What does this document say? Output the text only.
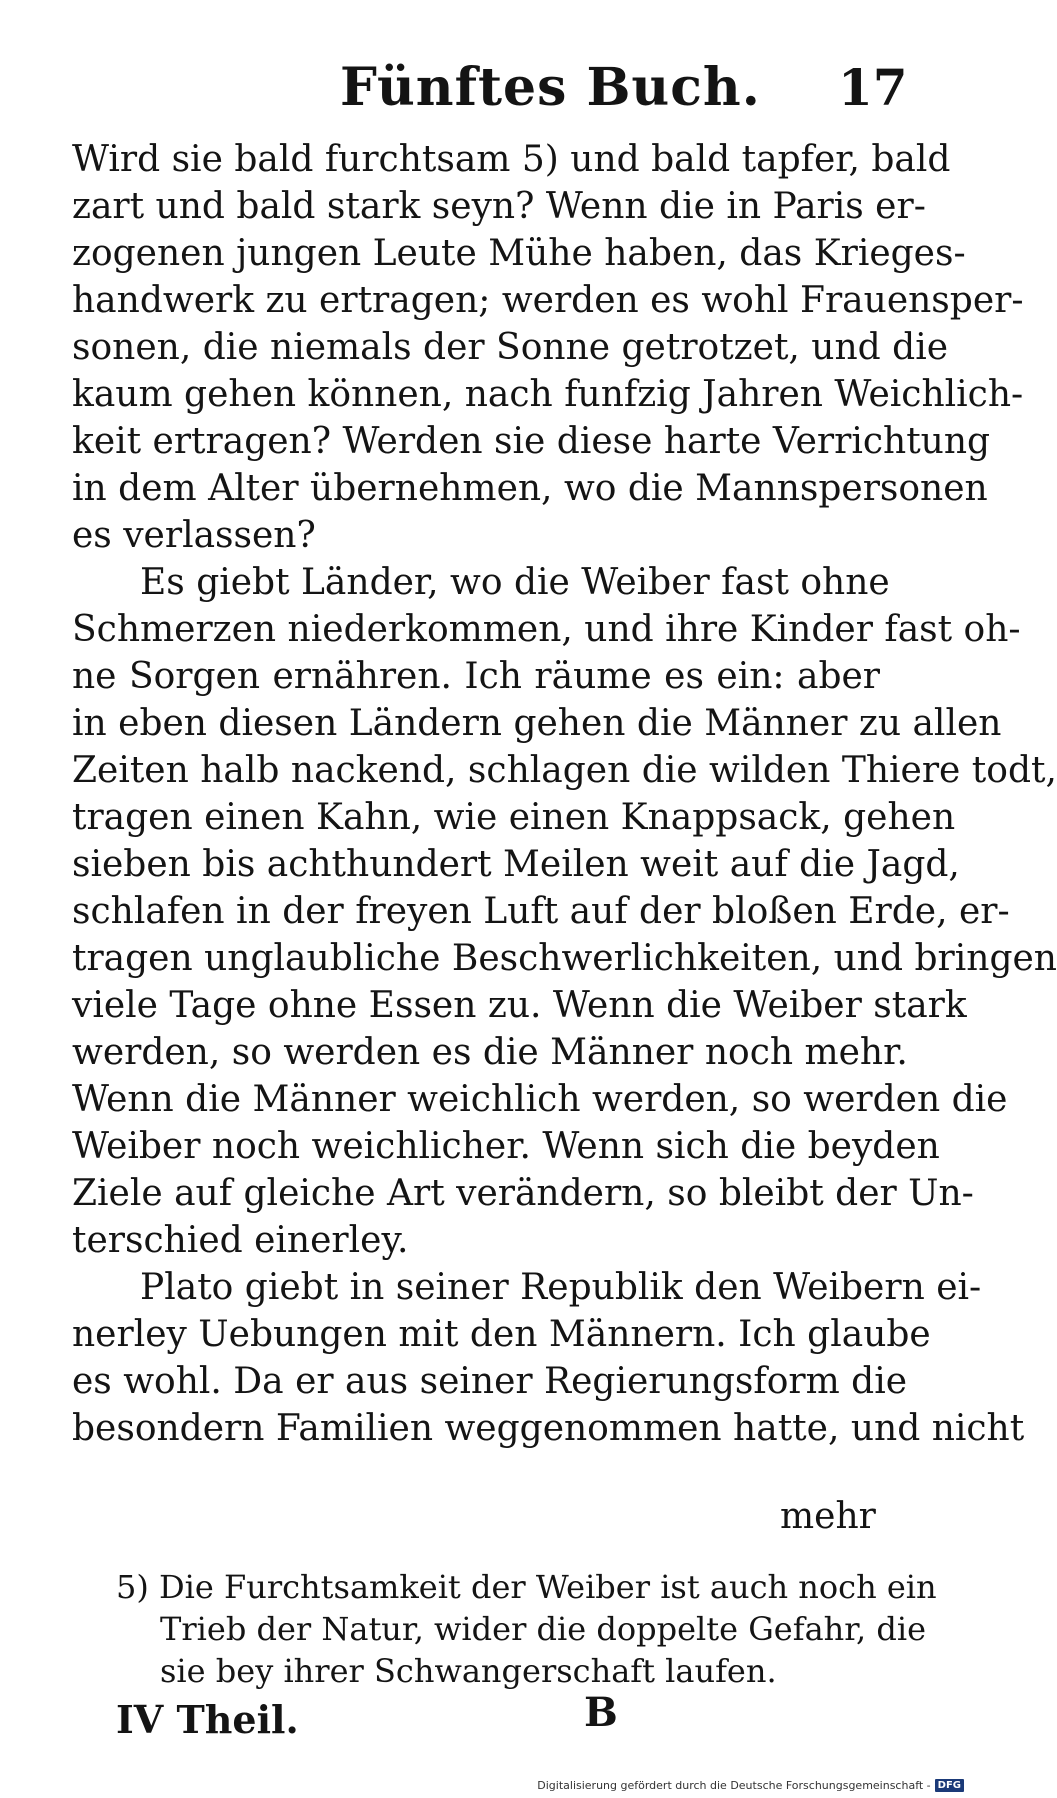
Fünftes Buch. 17
Wird sie bald furchtsam 5) und bald tapfer, bald
zart und bald stark seyn? Wenn die in Paris er-
zogenen jungen Leute Mühe haben, das Krieges-
handwerk zu ertragen; werden es wohl Frauensper-
sonen, die niemals der Sonne getrotzet, und die
kaum gehen können, nach funfzig Jahren Weichlich-
keit ertragen? Werden sie diese harte Verrichtung
in dem Alter übernehmen, wo die Mannspersonen
es verlassen?
Es giebt Länder, wo die Weiber fast ohne
Schmerzen niederkommen, und ihre Kinder fast oh-
ne Sorgen ernähren. Ich räume es ein: aber
in eben diesen Ländern gehen die Männer zu allen
Zeiten halb nackend, schlagen die wilden Thiere todt,
tragen einen Kahn, wie einen Knappsack, gehen
sieben bis achthundert Meilen weit auf die Jagd,
schlafen in der freyen Luft auf der bloßen Erde, er-
tragen unglaubliche Beschwerlichkeiten, und bringen
viele Tage ohne Essen zu. Wenn die Weiber stark
werden, so werden es die Männer noch mehr.
Wenn die Männer weichlich werden, so werden die
Weiber noch weichlicher. Wenn sich die beyden
Ziele auf gleiche Art verändern, so bleibt der Un-
terschied einerley.
Plato giebt in seiner Republik den Weibern ei-
nerley Uebungen mit den Männern. Ich glaube
es wohl. Da er aus seiner Regierungsform die
besondern Familien weggenommen hatte, und nicht
mehr
5) Die Furchtsamkeit der Weiber ist auch noch ein
Trieb der Natur, wider die doppelte Gefahr, die
sie bey ihrer Schwangerschaft laufen.
IV Theil.	B
Digitalisierung gefördert durch die Deutsche Forschungsgemeinschaft - DFG
